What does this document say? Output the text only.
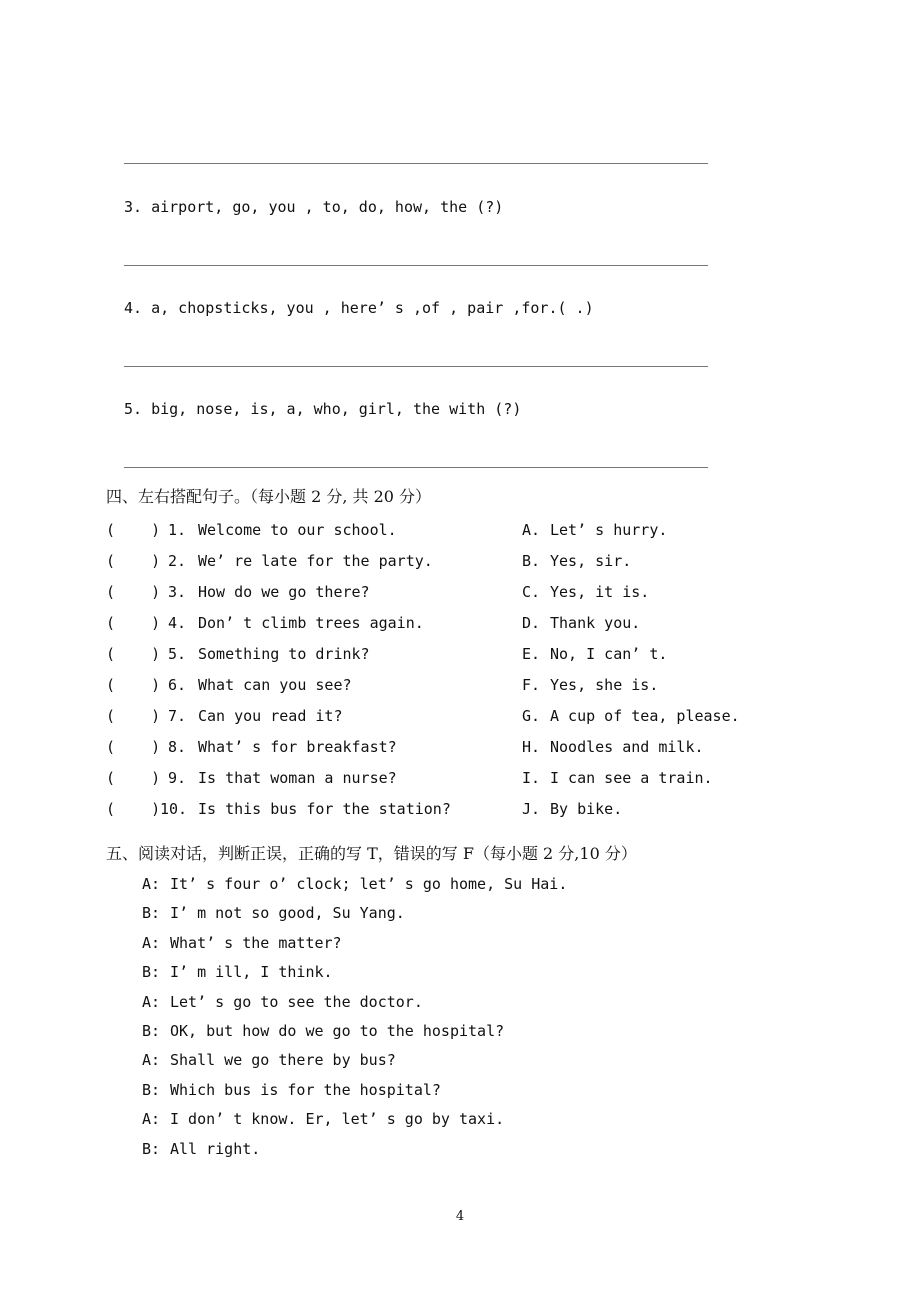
3. airport, go, you , to, do, how, the (?)
4. a, chopsticks, you , here’ s ,of , pair ,for.( .)
5. big, nose, is, a, who, girl, the with (?)
四、左右搭配句子。（每小题 2 分, 共 20 分）
(    ) 1. Welcome to our school.	A. Let’ s hurry.
(    ) 2. We’ re late for the party.	B. Yes, sir.
(    ) 3. How do we go there?	C. Yes, it is.
(    ) 4. Don’ t climb trees again.	D. Thank you.
(    ) 5. Something to drink?	E. No, I can’ t.
(    ) 6. What can you see?	F. Yes, she is.
(    ) 7. Can you read it?	G. A cup of tea, please.
(    ) 8. What’ s for breakfast?	H. Noodles and milk.
(    ) 9. Is that woman a nurse?	I. I can see a train.
(    ) 10. Is this bus for the station?	J. By bike.
五、阅读对话，判断正误，正确的写 T，错误的写 F（每小题 2 分,10 分）
A: It’ s four o’ clock; let’ s go home, Su Hai.
B: I’ m not so good, Su Yang.
A: What’ s the matter?
B: I’ m ill, I think.
A: Let’ s go to see the doctor.
B: OK, but how do we go to the hospital?
A: Shall we go there by bus?
B: Which bus is for the hospital?
A: I don’ t know. Er, let’ s go by taxi.
B: All right.
4
